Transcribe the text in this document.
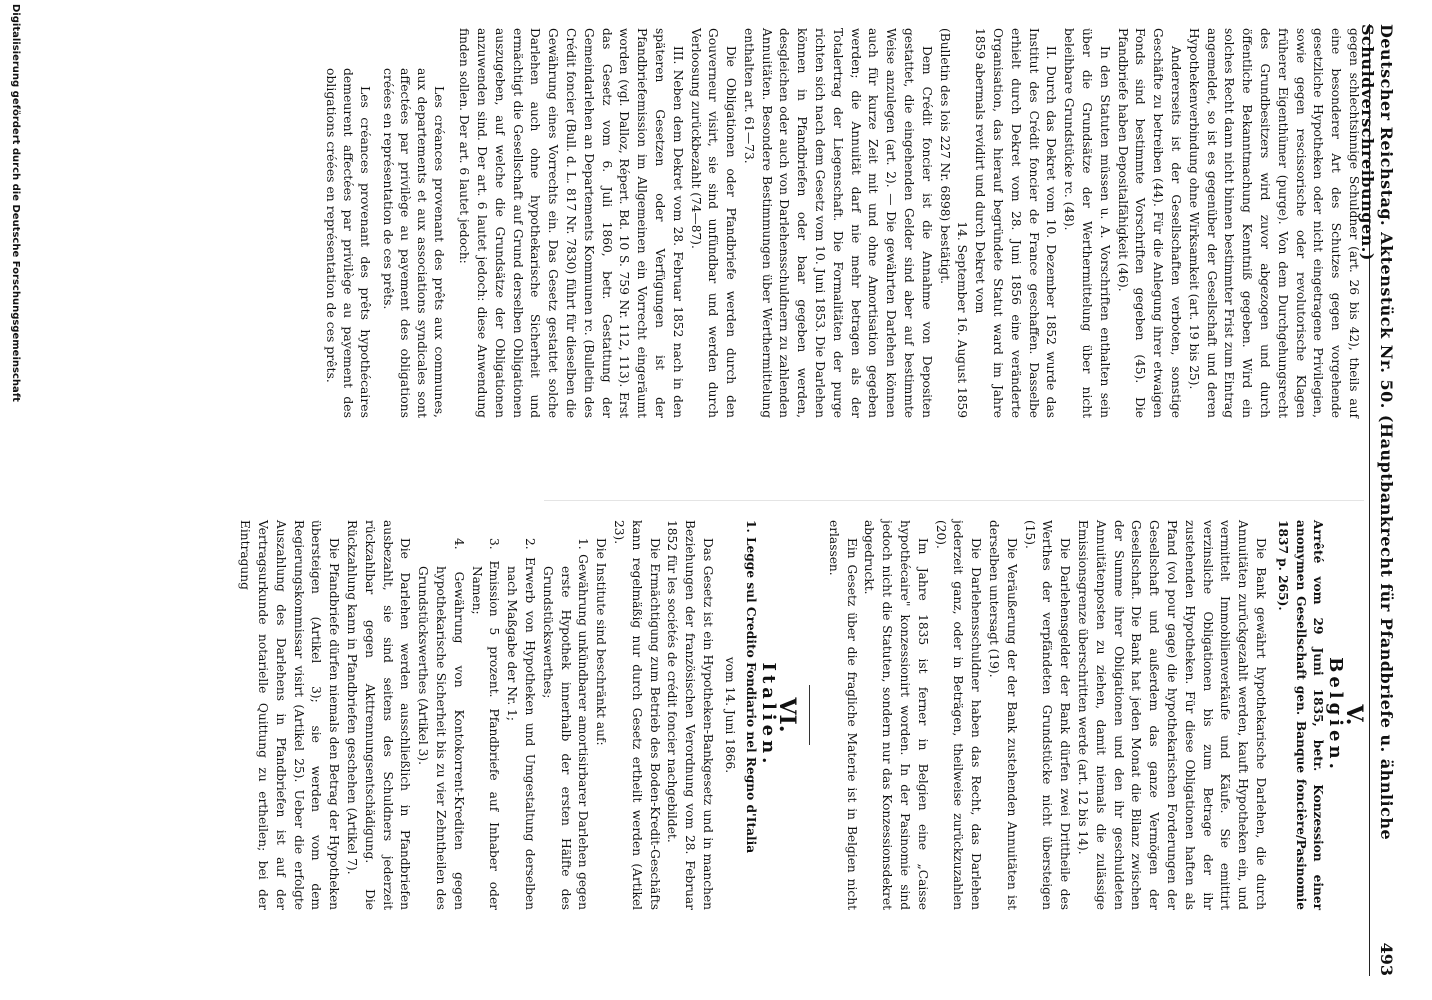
Deutscher Reichstag. Aktenstück Nr. 50. (Hauptbankrecht für Pfandbriefe u. ähnliche Schuldverschreibungen.)
493

gegen schlechtsinnige Schuldner (art. 26 bis 42), theils auf eine besonderer Art des Schutzes gegen vorgehende gesetzliche Hypotheken oder nicht eingetragene Privilegien, sowie gegen rescissorische oder revolutorische Klagen früherer Eigenthümer (purge). Von dem Durchgehungsrecht des Grundbesitzers wird zuvor abgezogen und durch öffentliche Bekanntmachung Kenntniß gegeben. Wird ein solches Recht dann nicht binnen bestimmter Frist zum Eintrag angemeldet, so ist es gegenüber der Gesellschaft und deren Hypothekenverbindung ohne Wirksamkeit (art. 19 bis 25).

Andererseits ist der Gesellschaften verboten, sonstige Geschäfte zu betreiben (44). Für die Anlegung ihrer etwaigen Fonds sind bestimmte Vorschriften gegeben (45). Die Pfandbriefe haben Depositalfähigkeit (46).

In den Statuten müssen u. A. Vorschriften enthalten sein über die Grundsätze der Werthermittelung über nicht beleihbare Grundstücke rc. (48).

II. Durch das Dekret vom 10. Dezember 1852 wurde das Institut des Crédit foncier de France geschaffen. Dasselbe erhielt durch Dekret vom 28. Juni 1856 eine veränderte Organisation, das hierauf begründete Statut ward im Jahre 1859 abermals revidirt und durch Dekret vom

14. September 16. August 1859

(Bulletin des lois 227 Nr. 6898) bestätigt.

Dem Crédit foncier ist die Annahme von Depositen gestattet, die eingehenden Gelder sind aber auf bestimmte Weise anzulegen (art. 2). — Die gewährten Darlehen können auch für kurze Zeit mit und ohne Amortisation gegeben werden; die Annuität darf nie mehr betragen als der Totalertrag der Liegenschaft. Die Formalitäten der purge richten sich nach dem Gesetz vom 10. Juni 1853. Die Darlehen können in Pfandbriefen oder baar gegeben werden, desgleichen oder auch von Darlehensschuldnern zu zahlenden Annuitäten. Besondere Bestimmungen über Werthermittelung enthalten art. 61—73.

Die Obligationen oder Pfandbriefe werden durch den Gouverneur visirt, sie sind unfündbar und werden durch Verloosung zurückbezahlt (74—87).

III. Neben dem Dekret vom 28. Februar 1852 nach in den späteren Gesetzen oder Verfügungen ist der Pfandbriefemission im Allgemeinen ein Vorrecht eingeräumt worden (vgl. Dalloz, Répert. Bd. 10 S. 759 Nr. 112, 113). Erst das Gesetz vom 6. Juli 1860, betr. Gestattung der Gemeindarlehen an Departements Kommunen rc. (Bulletin des Crédit foncier (Bull. d. L. 817 Nr. 7830) führt für dieselben die Gewährung eines Vorrechts ein. Das Gesetz gestattet solche Darlehen auch ohne hypothekarische Sicherheit und ermächtigt die Gesellschaft auf Grund derselben Obligationen auszugeben, auf welche die Grundsätze der Obligationen anzuwenden sind. Der art. 6 lautet jedoch: diese Anwendung finden sollen. Der art. 6 lautet jedoch:

Les créances provenant des prêts aux communes, aux departements et aux associations syndicales sont affectées par privilège au payement des obligations créées en représentation de ces prêts.

Les créances provenant des prêts hypothécaires demeurent affectées par privilège au payement des obligations créées en représentation de ces prêts.

V.

Belgien.

Arrêté vom 29 Juni 1835, betr. Konzession einer anonymen Gesellschaft gen. Banque foncière/Pasinomie 1837 p. 265).

Die Bank gewährt hypothekarische Darlehen, die durch Annuitäten zurückgezahlt werden, kauft Hypotheken ein, und vermittelt Immobilienverkäufe und Käufe. Sie emittirt verzinsliche Obligationen bis zum Betrage der ihr zustehenden Hypotheken. Für diese Obligationen haften als Pfand (vol pour gage) die hypothekarischen Forderungen der Gesellschaft und außerdem das ganze Vermögen der Gesellschaft. Die Bank hat jeden Monat die Bilanz zwischen der Summe ihrer Obligationen und den ihr geschuldeten Annuitätenposten zu ziehen, damit niemals die zulässige Emissionsgrenze überschritten werde (art. 12 bis 14).

Die Darlehensgelder der Bank dürfen zwei Drittheile des Werthes der verpfändeten Grundstücke nicht übersteigen (15).

Die Veräußerung der der Bank zustehenden Annuitäten ist derselben untersagt (19).

Die Darlehensschuldner haben das Recht, das Darlehen jederzeit ganz, oder in Beträgen, theilweise zurückzuzahlen (20).

Im Jahre 1835 ist ferner in Belgien eine „Caisse hypothécaire" konzessionirt worden. In der Pasinomie sind jedoch nicht die Statuten, sondern nur das Konzessionsdekret abgedruckt.

Ein Gesetz über die fragliche Materie ist in Belgien nicht erlassen.

VI.

Italien.

1. Legge sul Credito Fondiario nel Regno d'Italia

vom 14. Juni 1866.

Das Gesetz ist ein Hypotheken-Bankgesetz und in manchen Beziehungen der französischen Verordnung vom 28. Februar 1852 für les sociétés de crédit foncier nachgebildet.

Die Ermächtigung zum Betrieb des Boden-Kredit-Geschäfts kann regelmäßig nur durch Gesetz ertheilt werden (Artikel 23).

Die Institute sind beschränkt auf:

1. Gewährung unkündbarer amortisirbarer Darlehen gegen erste Hypothek innerhalb der ersten Hälfte des Grundstückswerthes;

2. Erwerb von Hypotheken und Umgestaltung derselben nach Maßgabe der Nr. 1;

3. Emission 5 prozent. Pfandbriefe auf Inhaber oder Namen;

4. Gewährung von Kontokorrent-Krediten gegen hypothekarische Sicherheit bis zu vier Zehntheilen des Grundstückswerthes (Artikel 3).

Die Darlehen werden ausschließlich in Pfandbriefen ausbezahlt, sie sind seitens des Schuldners jederzeit rückzahlbar gegen Akttrennungsentschädigung. Die Rückzahlung kann in Pfandbriefen geschehen (Artikel 7).

Die Pfandbriefe dürfen niemals den Betrag der Hypotheken übersteigen (Artikel 3); sie werden vom dem Regierungskommissar visirt (Artikel 25). Ueber die erfolgte Auszahlung des Darlehens in Pfandbriefen ist auf der Vertragsurkunde notarielle Quittung zu ertheilen; bei der Eintragung

Digitalisierung gefördert durch die Deutsche Forschungsgemeinschaft
